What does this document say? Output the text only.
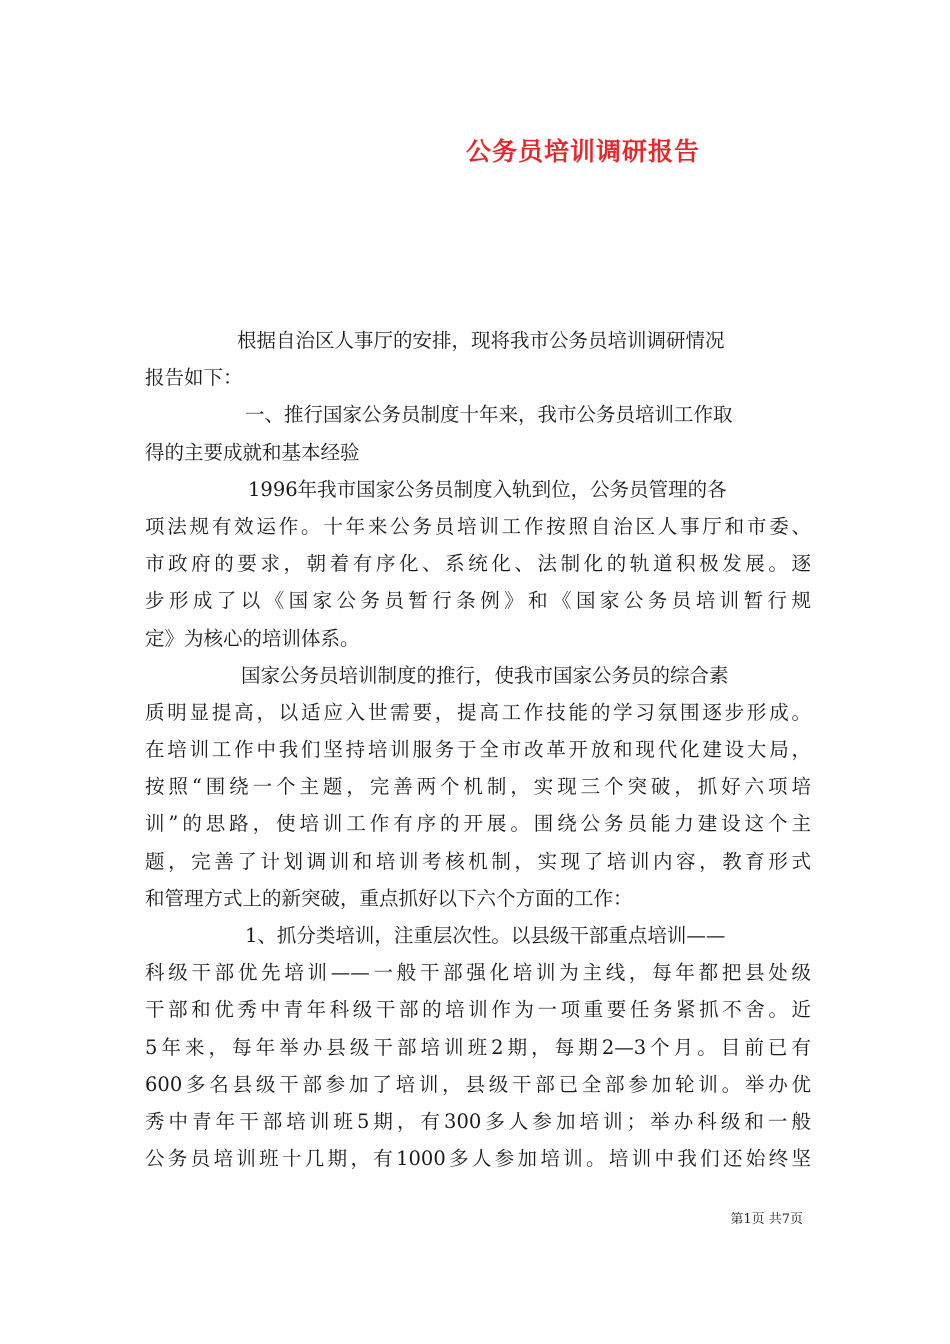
公务员培训调研报告
根据自治区人事厅的安排，现将我市公务员培训调研情况
报告如下：
一、推行国家公务员制度十年来，我市公务员培训工作取
得的主要成就和基本经验
1996年我市国家公务员制度入轨到位，公务员管理的各
项法规有效运作。十年来公务员培训工作按照自治区人事厅和市委、
市政府的要求，朝着有序化、系统化、法制化的轨道积极发展。逐
步形成了以《国家公务员暂行条例》和《国家公务员培训暂行规
定》为核心的培训体系。
国家公务员培训制度的推行，使我市国家公务员的综合素
质明显提高，以适应入世需要，提高工作技能的学习氛围逐步形成。
在培训工作中我们坚持培训服务于全市改革开放和现代化建设大局，
按照“围绕一个主题，完善两个机制，实现三个突破，抓好六项培
训”的思路，使培训工作有序的开展。围绕公务员能力建设这个主
题，完善了计划调训和培训考核机制，实现了培训内容，教育形式
和管理方式上的新突破，重点抓好以下六个方面的工作：
1、抓分类培训，注重层次性。以县级干部重点培训——
科级干部优先培训——一般干部强化培训为主线，每年都把县处级
干部和优秀中青年科级干部的培训作为一项重要任务紧抓不舍。近
5年来，每年举办县级干部培训班2期，每期2—3个月。目前已有
600多名县级干部参加了培训，县级干部已全部参加轮训。举办优
秀中青年干部培训班5期，有300多人参加培训；举办科级和一般
公务员培训班十几期，有1000多人参加培训。培训中我们还始终坚
第1页 共7页
